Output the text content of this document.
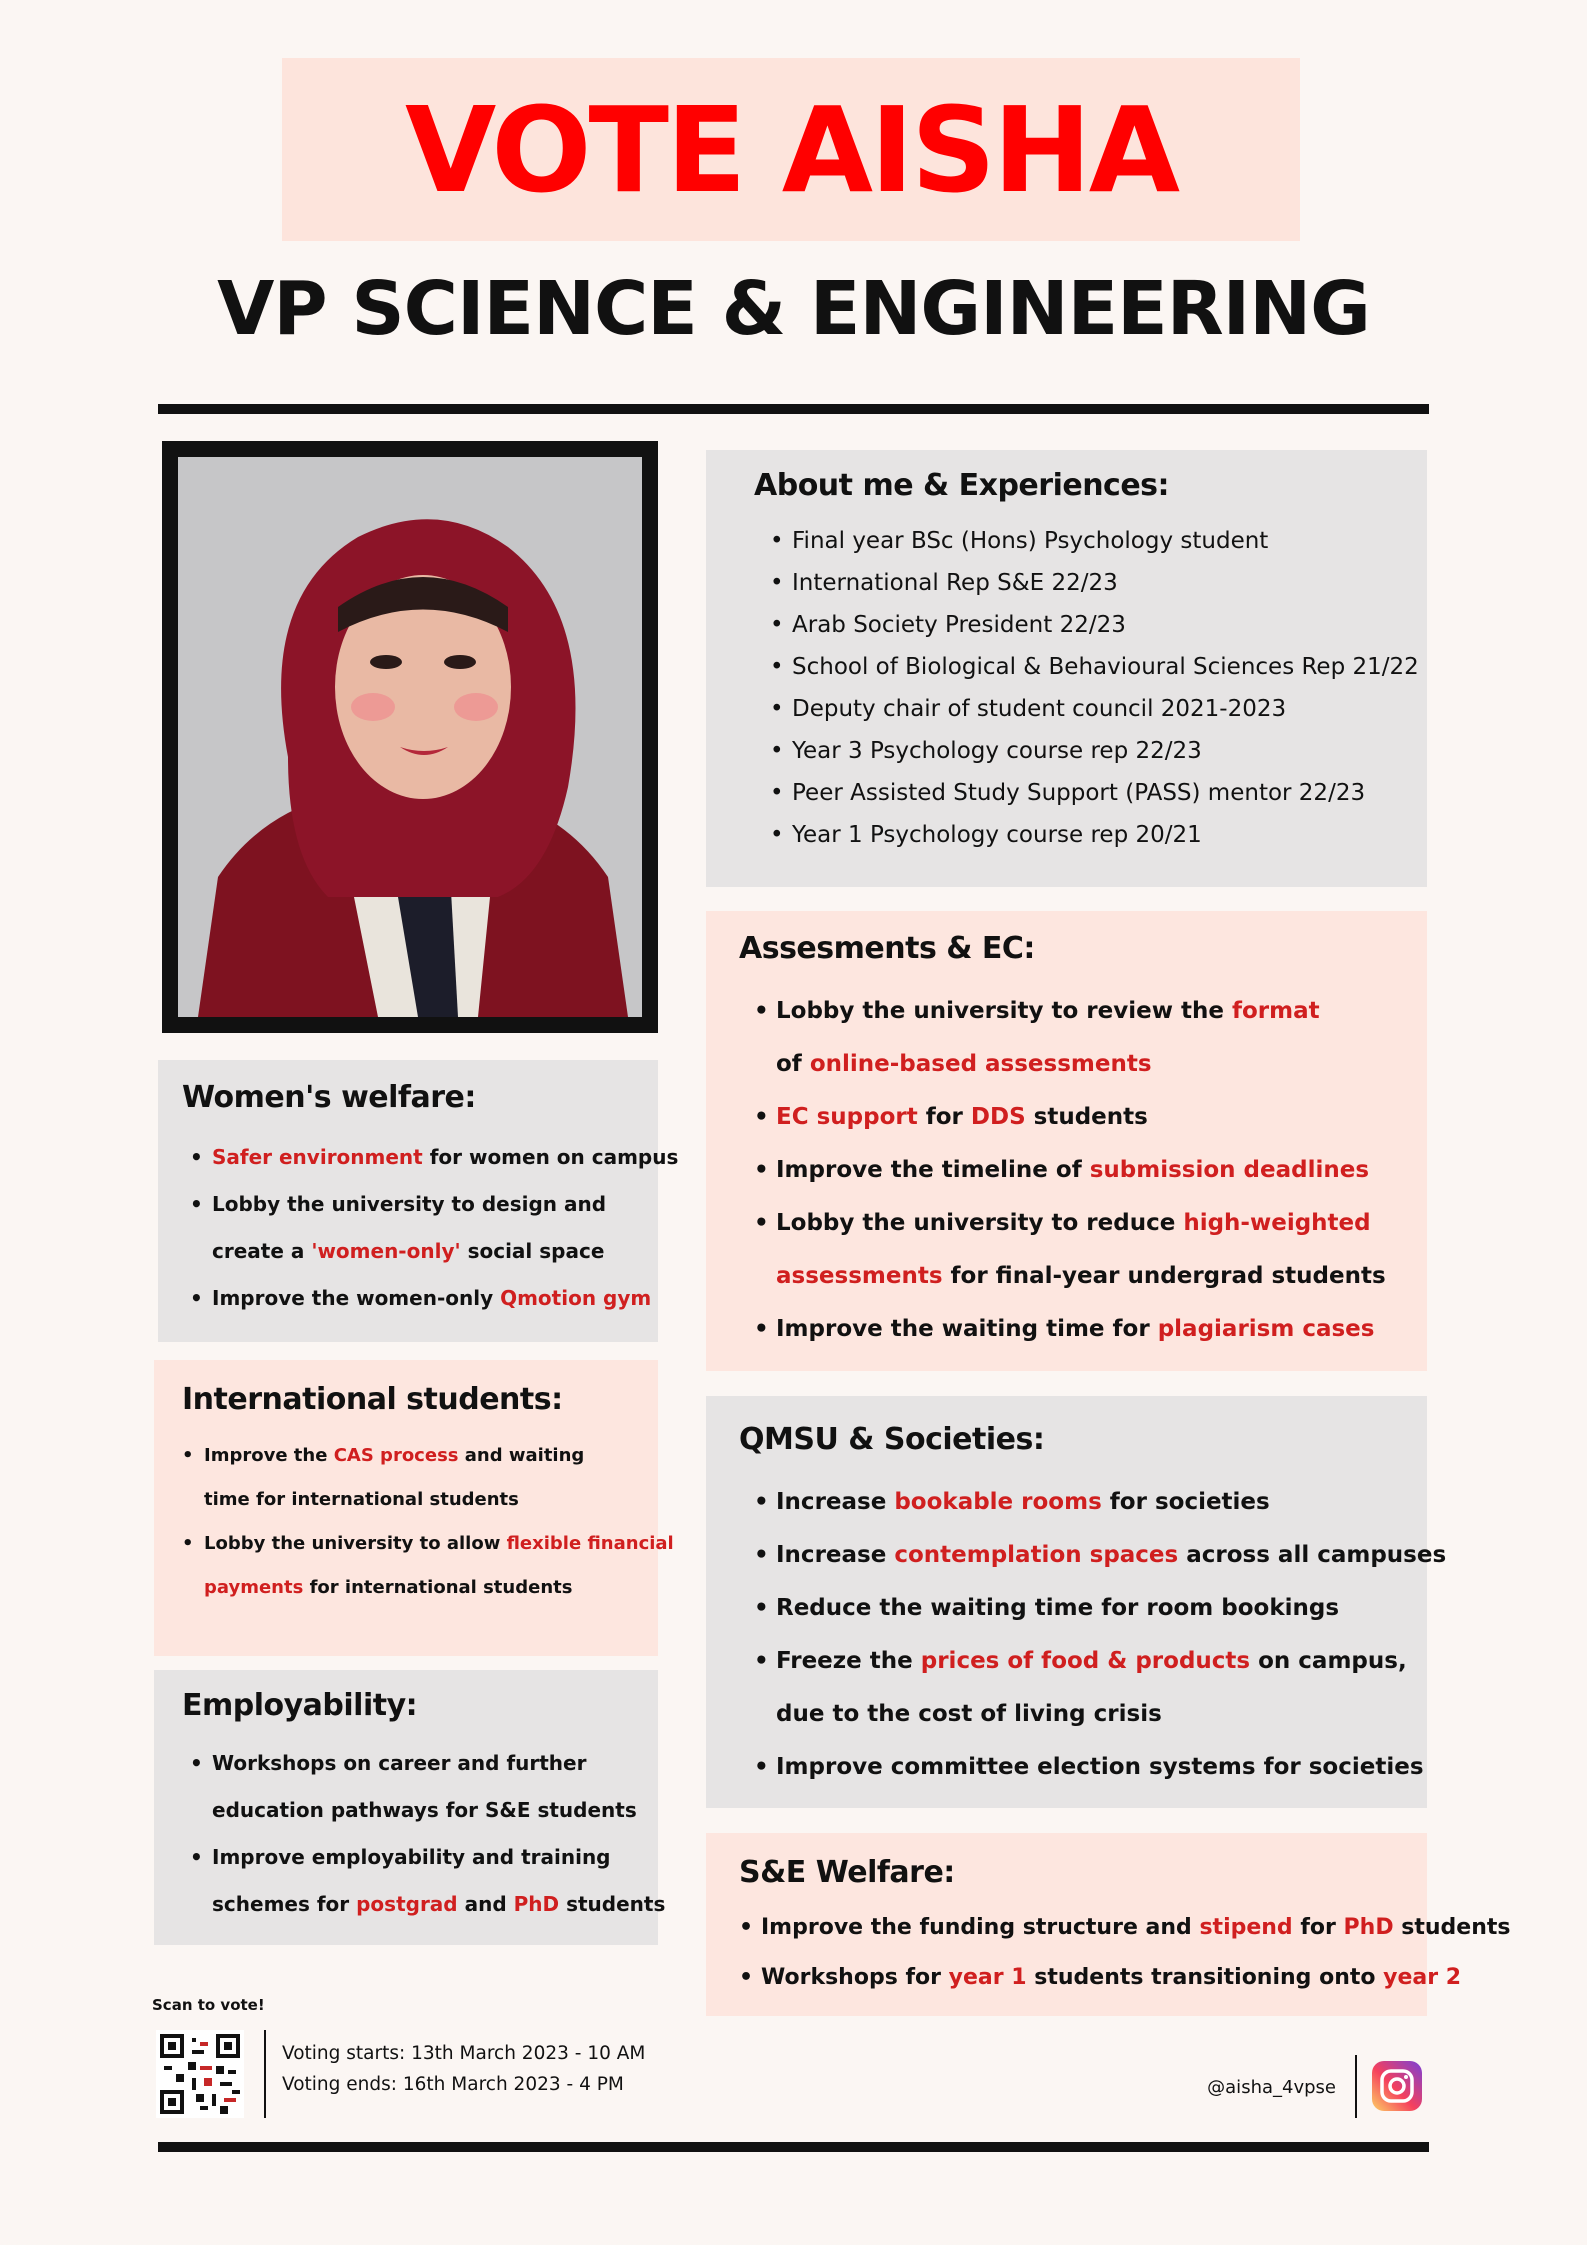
VOTE AISHA
VP SCIENCE & ENGINEERING
About me & Experiences:
• Final year BSc (Hons) Psychology student
• International Rep S&E 22/23
• Arab Society President 22/23
• School of Biological & Behavioural Sciences Rep 21/22
• Deputy chair of student council 2021-2023
• Year 3 Psychology course rep 22/23
• Peer Assisted Study Support (PASS) mentor 22/23
• Year 1 Psychology course rep 20/21
Assesments & EC:
• Lobby the university to review the format
of online-based assessments
• EC support for DDS students
• Improve the timeline of submission deadlines
• Lobby the university to reduce high-weighted
assessments for final-year undergrad students
• Improve the waiting time for plagiarism cases
Women's welfare:
• Safer environment for women on campus
• Lobby the university to design and
create a 'women-only' social space
• Improve the women-only Qmotion gym
International students:
• Improve the CAS process and waiting
time for international students
• Lobby the university to allow flexible financial
payments for international students
QMSU & Societies:
• Increase bookable rooms for societies
• Increase contemplation spaces across all campuses
• Reduce the waiting time for room bookings
• Freeze the prices of food & products on campus,
due to the cost of living crisis
• Improve committee election systems for societies
Employability:
• Workshops on career and further
education pathways for S&E students
• Improve employability and training
schemes for postgrad and PhD students
S&E Welfare:
• Improve the funding structure and stipend for PhD students
• Workshops for year 1 students transitioning onto year 2
Scan to vote!
Voting starts: 13th March 2023 - 10 AM
Voting ends: 16th March 2023 - 4 PM	@aisha_4vpse
